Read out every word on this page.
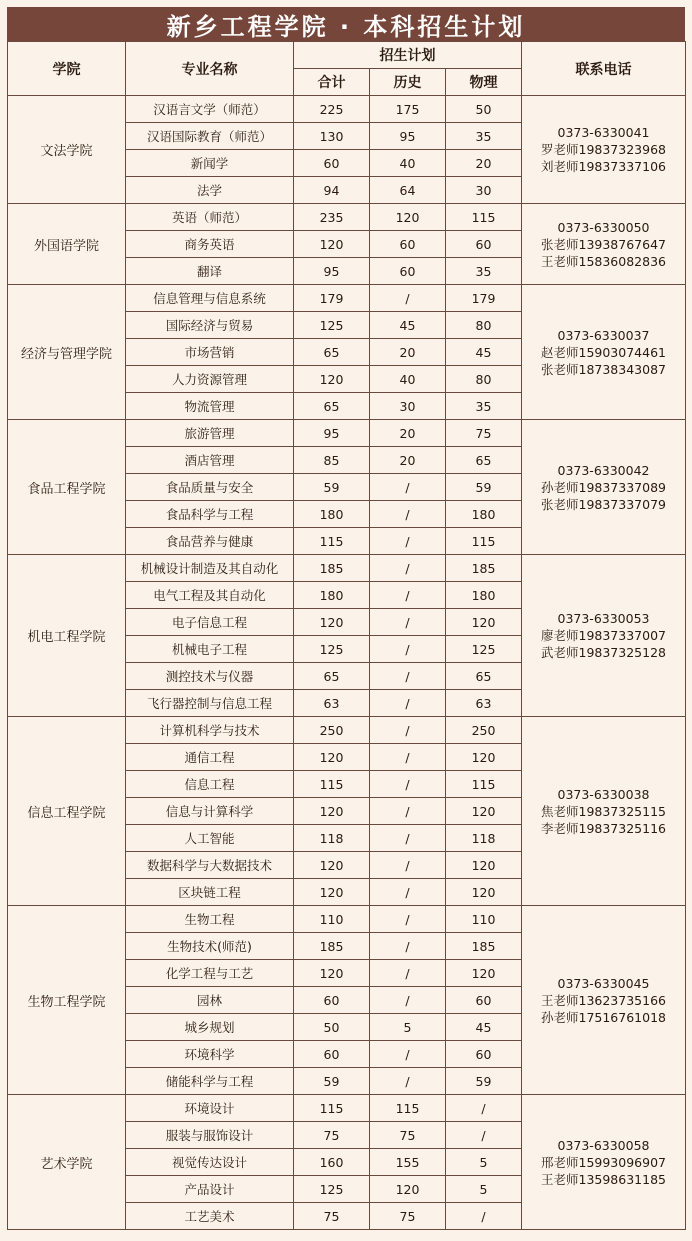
新乡工程学院 · 本科招生计划
学院	专业名称	招生计划			联系电话
		合计	历史	物理	
文法学院	汉语言文学（师范）	225	175	50	0373-6330041
罗老师19837323968
刘老师19837337106

	汉语国际教育（师范）	130	95	35	
	新闻学	60	40	20	
	法学	94	64	30	
外国语学院	英语（师范）	235	120	115	0373-6330050
张老师13938767647
王老师15836082836

	商务英语	120	60	60	
	翻译	95	60	35	
经济与管理学院	信息管理与信息系统	179	/	179	0373-6330037
赵老师15903074461
张老师18738343087

	国际经济与贸易	125	45	80	
	市场营销	65	20	45	
	人力资源管理	120	40	80	
	物流管理	65	30	35	
食品工程学院	旅游管理	95	20	75	0373-6330042
孙老师19837337089
张老师19837337079

	酒店管理	85	20	65	
	食品质量与安全	59	/	59	
	食品科学与工程	180	/	180	
	食品营养与健康	115	/	115	
机电工程学院	机械设计制造及其自动化	185	/	185	0373-6330053
廖老师19837337007
武老师19837325128

	电气工程及其自动化	180	/	180	
	电子信息工程	120	/	120	
	机械电子工程	125	/	125	
	测控技术与仪器	65	/	65	
	飞行器控制与信息工程	63	/	63	
信息工程学院	计算机科学与技术	250	/	250	0373-6330038
焦老师19837325115
李老师19837325116

	通信工程	120	/	120	
	信息工程	115	/	115	
	信息与计算科学	120	/	120	
	人工智能	118	/	118	
	数据科学与大数据技术	120	/	120	
	区块链工程	120	/	120	
生物工程学院	生物工程	110	/	110	0373-6330045
王老师13623735166
孙老师17516761018

	生物技术(师范)	185	/	185	
	化学工程与工艺	120	/	120	
	园林	60	/	60	
	城乡规划	50	5	45	
	环境科学	60	/	60	
	储能科学与工程	59	/	59	
艺术学院	环境设计	115	115	/	0373-6330058
邢老师15993096907
王老师13598631185

	服装与服饰设计	75	75	/	
	视觉传达设计	160	155	5	
	产品设计	125	120	5	
	工艺美术	75	75	/	
